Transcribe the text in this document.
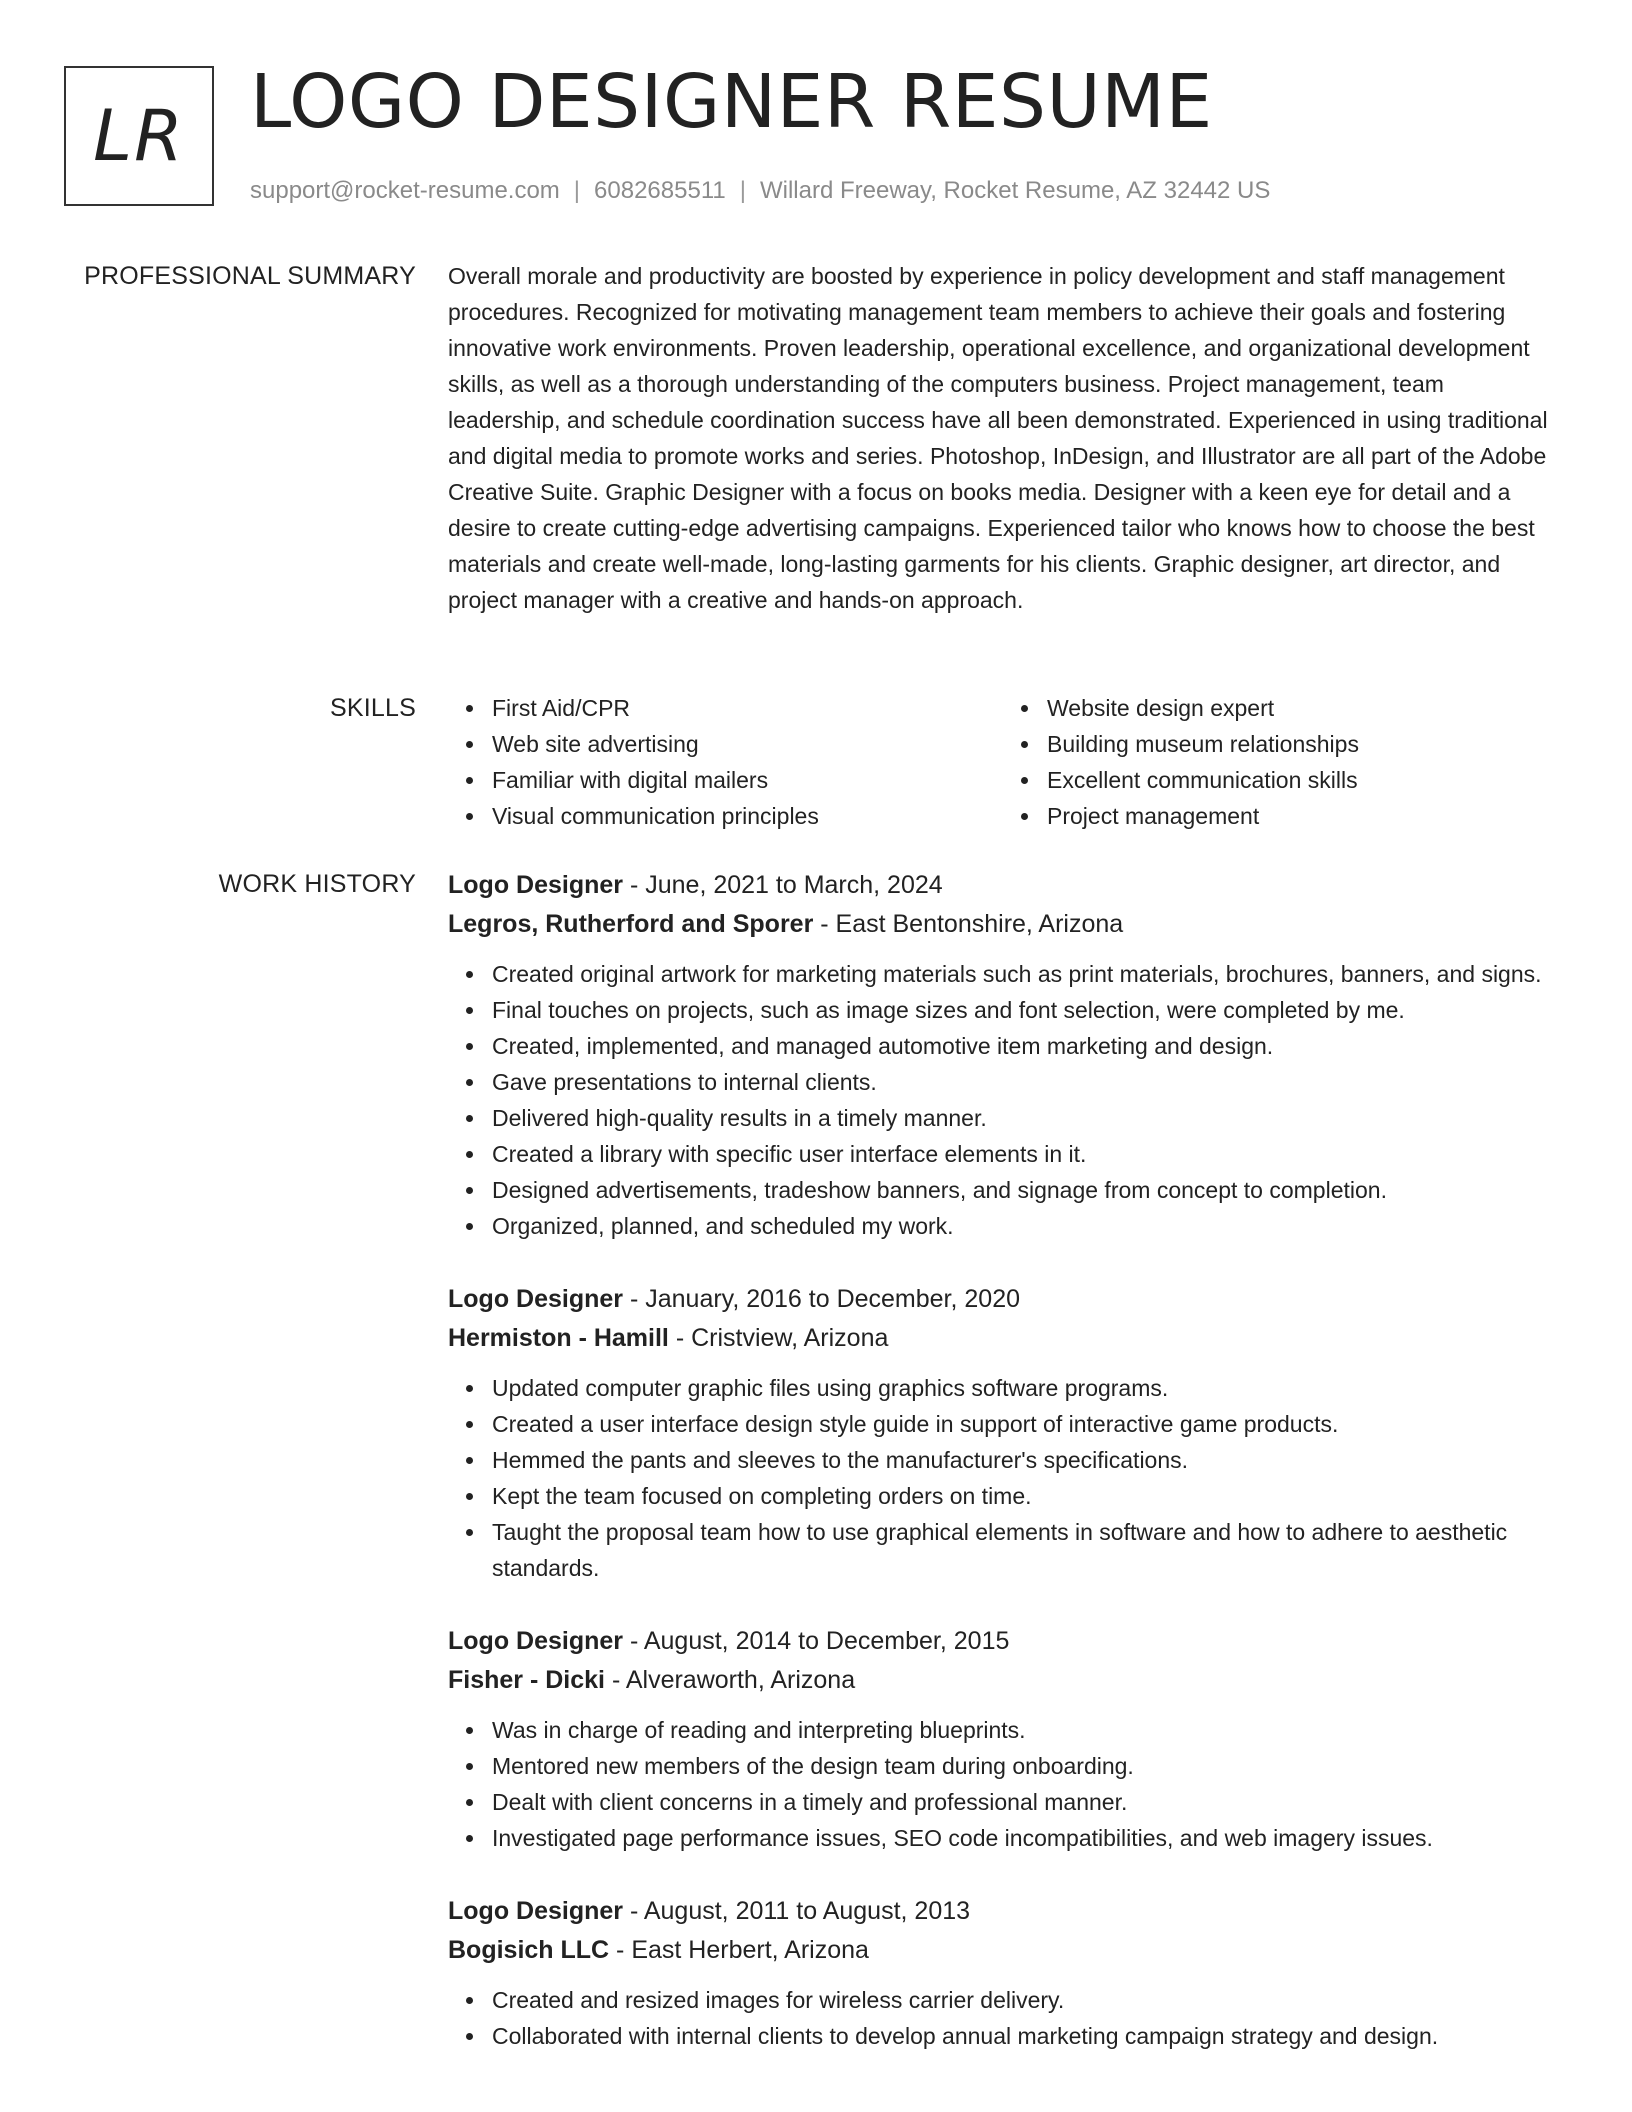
LR LOGO DESIGNER RESUME
support@rocket-resume.com | 6082685511 | Willard Freeway, Rocket Resume, AZ 32442 US
PROFESSIONAL SUMMARY Overall morale and productivity are boosted by experience in policy development and staff management procedures. Recognized for motivating management team members to achieve their goals and fostering innovative work environments. Proven leadership, operational excellence, and organizational development skills, as well as a thorough understanding of the computers business. Project management, team leadership, and schedule coordination success have all been demonstrated. Experienced in using traditional and digital media to promote works and series. Photoshop, InDesign, and Illustrator are all part of the Adobe Creative Suite. Graphic Designer with a focus on books media. Designer with a keen eye for detail and a desire to create cutting-edge advertising campaigns. Experienced tailor who knows how to choose the best materials and create well-made, long-lasting garments for his clients. Graphic designer, art director, and project manager with a creative and hands-on approach.

SKILLS	First Aid/CPR
Web site advertising
Familiar with digital mailers
Visual communication principles
Website design expert
Building museum relationships
Excellent communication skills
Project management
WORK HISTORY Logo Designer - June, 2021 to March, 2024
Legros, Rutherford and Sporer - East Bentonshire, Arizona
Created original artwork for marketing materials such as print materials, brochures, banners, and signs.
Final touches on projects, such as image sizes and font selection, were completed by me.
Created, implemented, and managed automotive item marketing and design.
Gave presentations to internal clients.
Delivered high-quality results in a timely manner.
Created a library with specific user interface elements in it.
Designed advertisements, tradeshow banners, and signage from concept to completion.
Organized, planned, and scheduled my work.
Logo Designer - January, 2016 to December, 2020
Hermiston - Hamill - Cristview, Arizona
Updated computer graphic files using graphics software programs.
Created a user interface design style guide in support of interactive game products.
Hemmed the pants and sleeves to the manufacturer's specifications.
Kept the team focused on completing orders on time.
Taught the proposal team how to use graphical elements in software and how to adhere to aesthetic standards.
Logo Designer - August, 2014 to December, 2015
Fisher - Dicki - Alveraworth, Arizona
Was in charge of reading and interpreting blueprints.
Mentored new members of the design team during onboarding.
Dealt with client concerns in a timely and professional manner.
Investigated page performance issues, SEO code incompatibilities, and web imagery issues.
Logo Designer - August, 2011 to August, 2013
Bogisich LLC - East Herbert, Arizona
Created and resized images for wireless carrier delivery.
Collaborated with internal clients to develop annual marketing campaign strategy and design.
